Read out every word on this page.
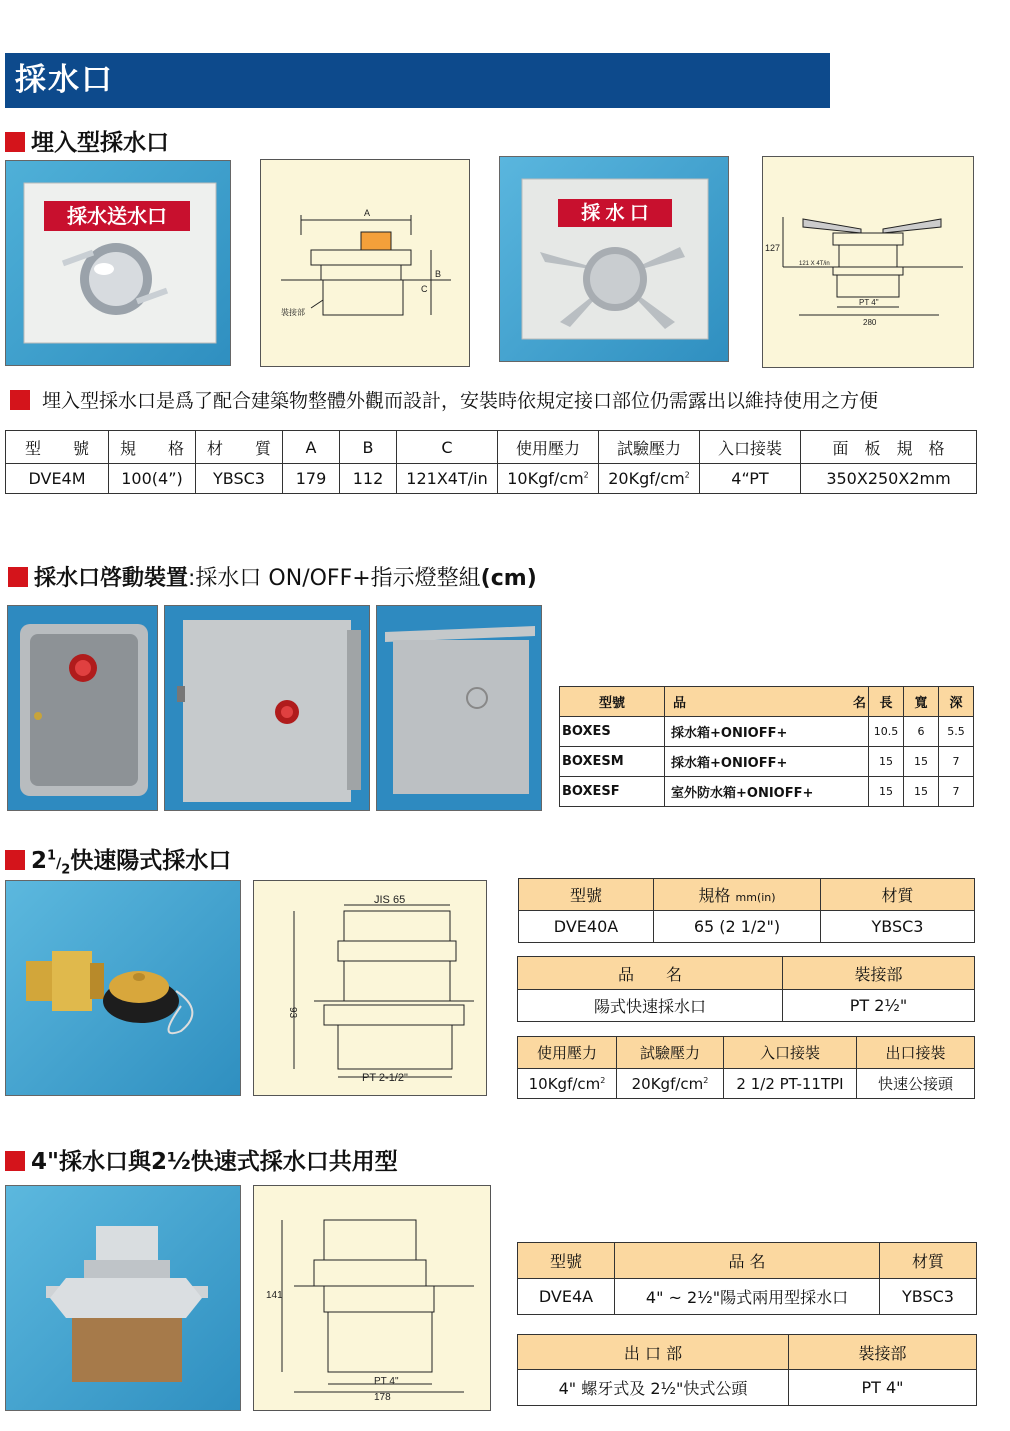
採水口
埋入型採水口
採水送水口	A
B
C
裝接部
採 水 口
127
121 X 4T/in
PT 4"
280
埋入型採水口是爲了配合建築物整體外觀而設計，安裝時依規定接口部位仍需露出以維持使用之方便
型　　號	規　　格	材　　質	A	B	C	使用壓力	試驗壓力	入口接裝	面　板　規　格
DVE4M	100(4”)	YBSC3	179	112	121X4T/in	$10Kgf/cm^2$	$20Kgf/cm^2$	4“PT	350X250X2mm
採水口啓動裝置:採水口 ON/OFF+指示燈整組(cm)
型號	品	名	長	寬	深
BOXES	採水箱+ONIOFF+		10.5	6	5.5
BOXESM	採水箱+ONIOFF+		15	15	7
BOXESF	室外防水箱+ONIOFF+		15	15	7
$2^1/_2$快速陽式採水口
JIS 65
93
PT 2-1/2"
型號	規格 mm(in)	材質
DVE40A	65 (2 1/2")	YBSC3
品　　名	裝接部
陽式快速採水口	PT 2½"
使用壓力	試驗壓力	入口接裝	出口接裝
$10Kgf/cm^2$	$20Kgf/cm^2$	2 1/2 PT-11TPI	快速公接頭
4"採水口與2½快速式採水口共用型
141
PT 4"
178
型號	品 名	材質
DVE4A	4" ~ 2½"陽式兩用型採水口	YBSC3
出 口 部	裝接部
4" 螺牙式及 2½"快式公頭	PT 4"
